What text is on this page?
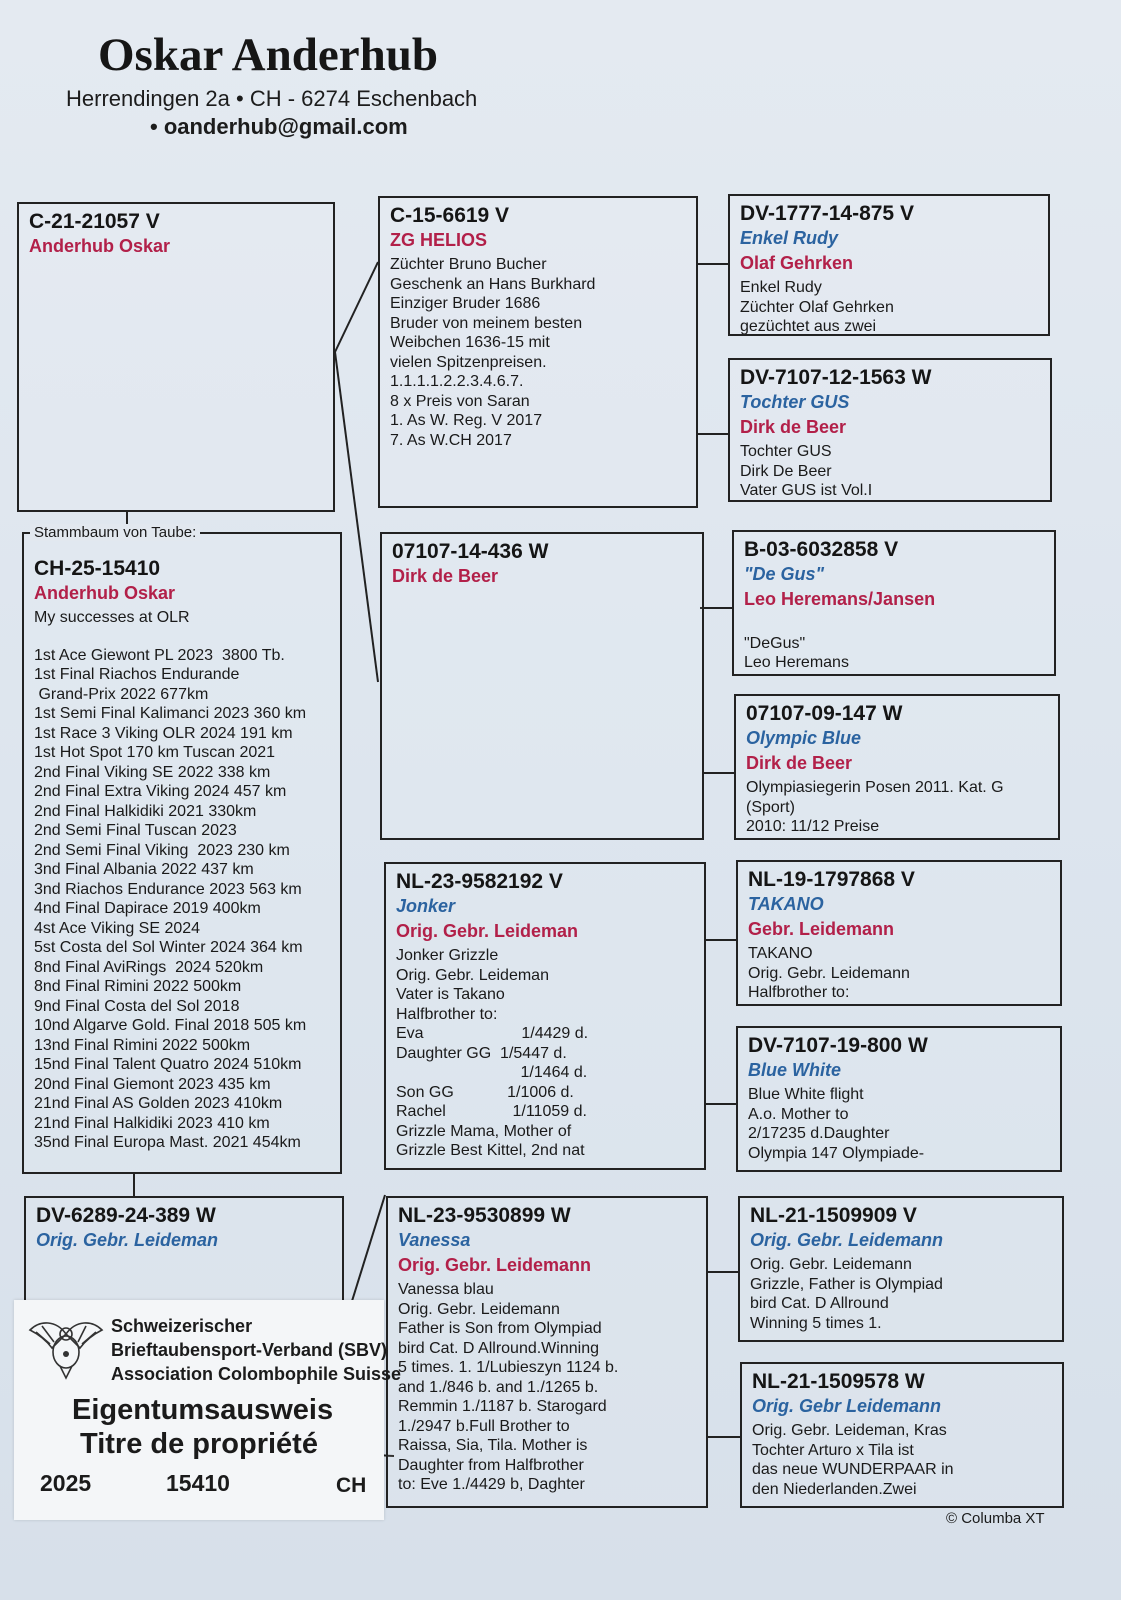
Oskar Anderhub
Herrendingen 2a • CH - 6274 Eschenbach
• oanderhub@gmail.com
C-21-21057 V
Anderhub Oskar
CH-25-15410
Anderhub Oskar
My successes at OLR
1st Ace Giewont PL 2023  3800 Tb.
1st Final Riachos Endurande
Grand-Prix 2022 677km
1st Semi Final Kalimanci 2023 360 km
1st Race 3 Viking OLR 2024 191 km
1st Hot Spot 170 km Tuscan 2021
2nd Final Viking SE 2022 338 km
2nd Final Extra Viking 2024 457 km
2nd Final Halkidiki 2021 330km
2nd Semi Final Tuscan 2023
2nd Semi Final Viking  2023 230 km
3nd Final Albania 2022 437 km
3nd Riachos Endurance 2023 563 km
4nd Final Dapirace 2019 400km
4st Ace Viking SE 2024
5st Costa del Sol Winter 2024 364 km
8nd Final AviRings  2024 520km
8nd Final Rimini 2022 500km
9nd Final Costa del Sol 2018
10nd Algarve Gold. Final 2018 505 km
13nd Final Rimini 2022 500km
15nd Final Talent Quatro 2024 510km
20nd Final Giemont 2023 435 km
21nd Final AS Golden 2023 410km
21nd Final Halkidiki 2023 410 km
35nd Final Europa Mast. 2021 454km
Stammbaum von Taube:
DV-6289-24-389 W
Orig. Gebr. Leideman
C-15-6619 V
ZG HELIOS
Züchter Bruno Bucher
Geschenk an Hans Burkhard
Einziger Bruder 1686
Bruder von meinem besten
Weibchen 1636-15 mit
vielen Spitzenpreisen.
1.1.1.1.2.2.3.4.6.7.
8 x Preis von Saran
1. As W. Reg. V 2017
7. As W.CH 2017
07107-14-436 W
Dirk de Beer
NL-23-9582192 V
Jonker
Orig. Gebr. Leideman
Jonker Grizzle
Orig. Gebr. Leideman
Vater is Takano
Halfbrother to:
Eva                      1/4429 d.
Daughter GG  1/5447 d.
1/1464 d.
Son GG            1/1006 d.
Rachel               1/11059 d.
Grizzle Mama, Mother of
Grizzle Best Kittel, 2nd nat
NL-23-9530899 W
Vanessa
Orig. Gebr. Leidemann
Vanessa blau
Orig. Gebr. Leidemann
Father is Son from Olympiad
bird Cat. D Allround.Winning
5 times. 1. 1/Lubieszyn 1124 b.
and 1./846 b. and 1./1265 b.
Remmin 1./1187 b. Starogard
1./2947 b.Full Brother to
Raissa, Sia, Tila. Mother is
Daughter from Halfbrother
to: Eve 1./4429 b, Daghter
DV-1777-14-875 V
Enkel Rudy
Olaf Gehrken
Enkel Rudy
Züchter Olaf Gehrken
gezüchtet aus zwei
DV-7107-12-1563 W
Tochter GUS
Dirk de Beer
Tochter GUS
Dirk De Beer
Vater GUS ist Vol.I
B-03-6032858 V
"De Gus"
Leo Heremans/Jansen
"DeGus"
Leo Heremans
07107-09-147 W
Olympic Blue
Dirk de Beer
Olympiasiegerin Posen 2011. Kat. G
(Sport)
2010: 11/12 Preise
NL-19-1797868 V
TAKANO
Gebr. Leidemann
TAKANO
Orig. Gebr. Leidemann
Halfbrother to:
DV-7107-19-800 W
Blue White
Blue White flight
A.o. Mother to
2/17235 d.Daughter
Olympia 147 Olympiade-
NL-21-1509909 V
Orig. Gebr. Leidemann
Orig. Gebr. Leidemann
Grizzle, Father is Olympiad
bird Cat. D Allround
Winning 5 times 1.
NL-21-1509578 W
Orig. Gebr Leidemann
Orig. Gebr. Leideman, Kras
Tochter Arturo x Tila ist
das neue WUNDERPAAR in
den Niederlanden.Zwei
Schweizerischer
Brieftaubensport-Verband (SBV)
Association Colombophile Suisse
Eigentumsausweis
Titre de propriété
2025	15410	CH
© Columba XT
